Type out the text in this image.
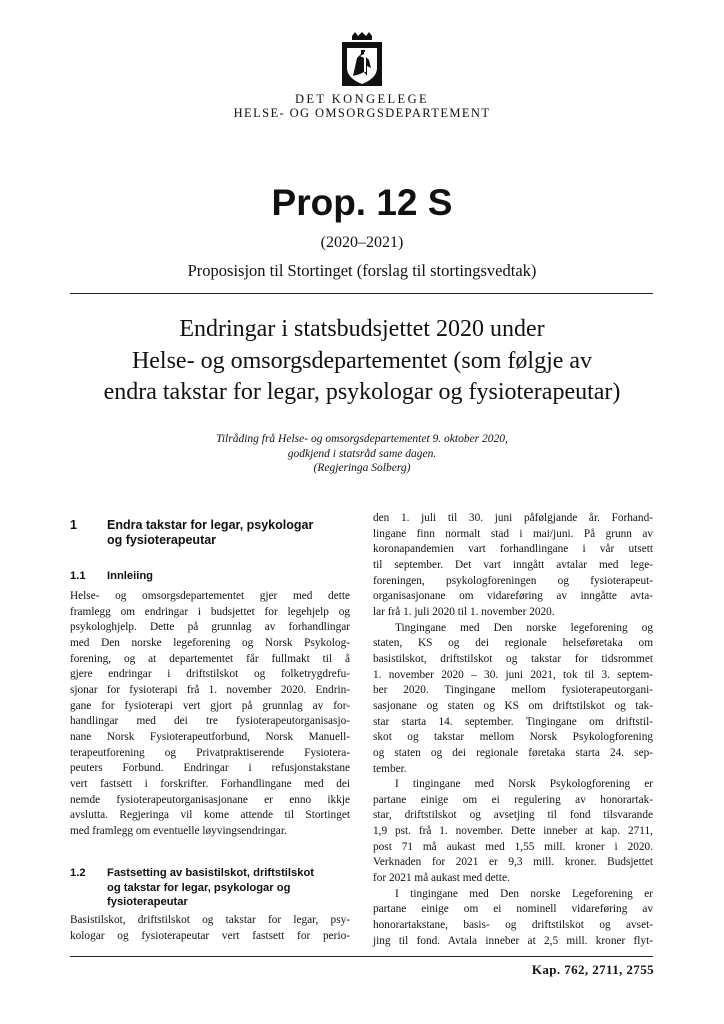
DET KONGELEGE
HELSE- OG OMSORGSDEPARTEMENT
Prop. 12 S
(2020–2021)
Proposisjon til Stortinget (forslag til stortingsvedtak)
Endringar i statsbudsjettet 2020 under
Helse- og omsorgsdepartementet (som følgje av
endra takstar for legar, psykologar og fysioterapeutar)
Tilråding frå Helse- og omsorgsdepartementet 9. oktober 2020,
godkjend i statsråd same dagen.
(Regjeringa Solberg)
1 Endra takstar for legar, psykologar
og fysioterapeutar
1.1 Innleiing
Helse- og omsorgsdepartementet gjer med dette
framlegg om endringar i budsjettet for legehjelp og
psykologhjelp. Dette på grunnlag av forhandlingar
med Den norske legeforening og Norsk Psykolog-
forening, og at departementet får fullmakt til å
gjere endringar i driftstilskot og folketrygdrefu-
sjonar for fysioterapi frå 1. november 2020. Endrin-
gane for fysioterapi vert gjort på grunnlag av for-
handlingar med dei tre fysioterapeutorganisasjo-
nane Norsk Fysioterapeutforbund, Norsk Manuell-
terapeutforening og Privatpraktiserende Fysiotera-
peuters Forbund. Endringar i refusjonstakstane
vert fastsett i forskrifter. Forhandlingane med dei
nemde fysioterapeutorganisasjonane er enno ikkje
avslutta. Regjeringa vil kome attende til Stortinget
med framlegg om eventuelle løyvingsendringar.
1.2 Fastsetting av basistilskot, driftstilskot
og takstar for legar, psykologar og
fysioterapeutar
Basistilskot, driftstilskot og takstar for legar, psy-
kologar og fysioterapeutar vert fastsett for perio-
den 1. juli til 30. juni påfølgjande år. Forhand-
lingane finn normalt stad i mai/juni. På grunn av
koronapandemien vart forhandlingane i vår utsett
til september. Det vart inngått avtalar med lege-
foreningen, psykologforeningen og fysioterapeut-
organisasjonane om vidareføring av inngåtte avta-
lar frå 1. juli 2020 til 1. november 2020.
Tingingane med Den norske legeforening og
staten, KS og dei regionale helseføretaka om
basistilskot, driftstilskot og takstar for tidsrommet
1. november 2020 – 30. juni 2021, tok til 3. septem-
ber 2020. Tingingane mellom fysioterapeutorgani-
sasjonane og staten og KS om driftstilskot og tak-
star starta 14. september. Tingingane om driftstil-
skot og takstar mellom Norsk Psykologforening
og staten og dei regionale føretaka starta 24. sep-
tember.
I tingingane med Norsk Psykologforening er
partane einige om ei regulering av honorartak-
star, driftstilskot og avsetjing til fond tilsvarande
1,9 pst. frå 1. november. Dette inneber at kap. 2711,
post 71 må aukast med 1,55 mill. kroner i 2020.
Verknaden for 2021 er 9,3 mill. kroner. Budsjettet
for 2021 må aukast med dette.
I tingingane med Den norske Legeforening er
partane einige om ei nominell vidareføring av
honorartakstane, basis- og driftstilskot og avset-
jing til fond. Avtala inneber at 2,5 mill. kroner flyt-
Kap. 762, 2711, 2755
